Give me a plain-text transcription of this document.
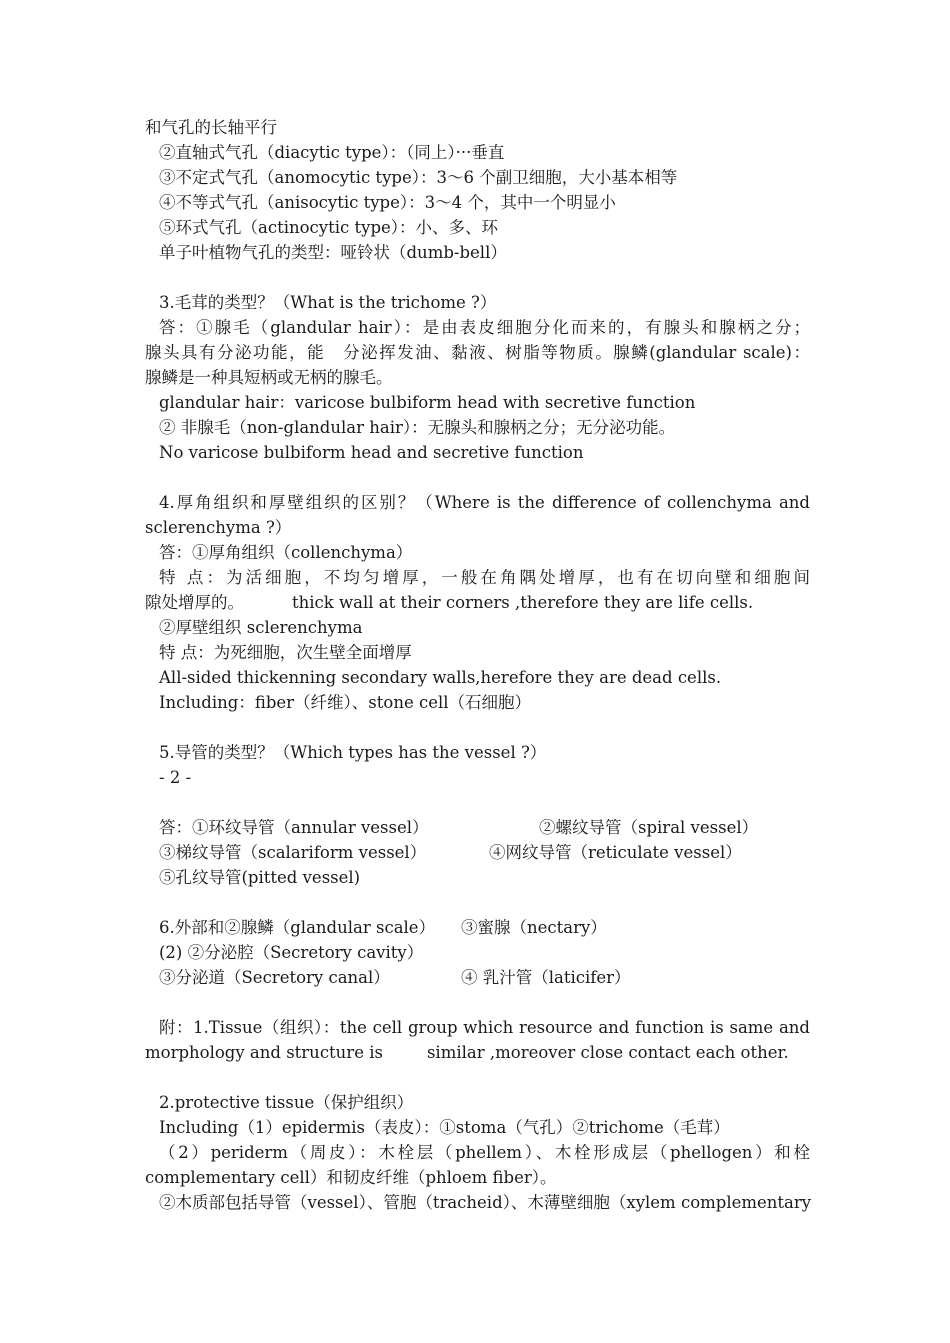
和气孔的长轴平行
②直轴式气孔（diacytic type）：（同上）···垂直
③不定式气孔（anomocytic type）：3～6 个副卫细胞，大小基本相等
④不等式气孔（anisocytic type）：3～4 个，其中一个明显小
⑤环式气孔（actinocytic type）：小、多、环
单子叶植物气孔的类型：哑铃状（dumb-bell）
3.毛茸的类型？（What is the trichome ?）
答：①腺毛（glandular hair）：是由表皮细胞分化而来的，有腺头和腺柄之分；
腺头具有分泌功能，能　分泌挥发油、黏液、树脂等物质。腺鳞(glandular scale)：
腺鳞是一种具短柄或无柄的腺毛。
glandular hair：varicose bulbiform head with secretive function
② 非腺毛（non-glandular hair）：无腺头和腺柄之分；无分泌功能。
No varicose bulbiform head and secretive function
4.厚角组织和厚壁组织的区别？（Where is the difference of collenchyma and
sclerenchyma ?）
答：①厚角组织（collenchyma）
特 点：为活细胞，不均匀增厚，一般在角隅处增厚，也有在切向壁和细胞间
隙处增厚的。	thick wall at their corners ,therefore they are life cells.
②厚壁组织 sclerenchyma
特 点：为死细胞，次生壁全面增厚
All-sided thickenning secondary walls,herefore they are dead cells.
Including：fiber（纤维）、stone cell（石细胞）
5.导管的类型？（Which types has the vessel ?）
- 2 -
答：①环纹导管（annular vessel）	②螺纹导管（spiral vessel）
③梯纹导管（scalariform vessel）	④网纹导管（reticulate vessel）
⑤孔纹导管(pitted vessel)
6.外部和②腺鳞（glandular scale）	③蜜腺（nectary）
(2) ②分泌腔（Secretory cavity）
③分泌道（Secretory canal）	④ 乳汁管（laticifer）
附：1.Tissue（组织）：the cell group which resource and function is same and
morphology and structure is	similar ,moreover close contact each other.
2.protective tissue（保护组织）
Including（1）epidermis（表皮）：①stoma（气孔）②trichome（毛茸）
（2）periderm（周皮）：木栓层（phellem）、木栓形成层（phellogen）和栓
complementary cell）和韧皮纤维（phloem fiber）。
②木质部包括导管（vessel）、管胞（tracheid）、木薄壁细胞（xylem complementary
